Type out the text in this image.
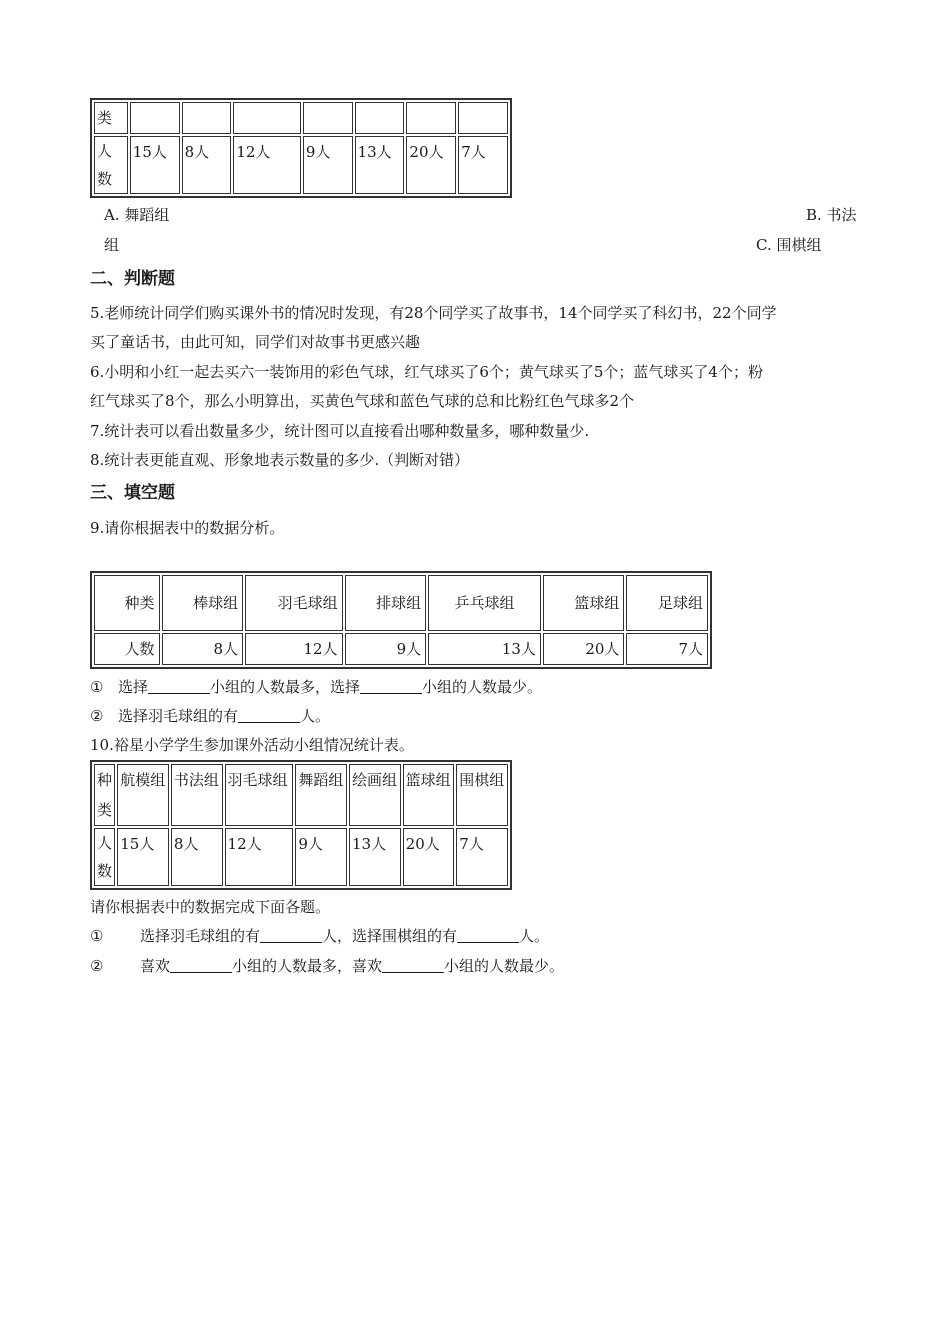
类							
人数	15人	8人	12人	9人	13人	20人	7人
A. 舞蹈组	B. 书法
组	C. 围棋组
二、判断题
5.老师统计同学们购买课外书的情况时发现，有28个同学买了故事书，14个同学买了科幻书，22个同学
买了童话书，由此可知，同学们对故事书更感兴趣
6.小明和小红一起去买六一装饰用的彩色气球，红气球买了6个；黄气球买了5个；蓝气球买了4个；粉
红气球买了8个，那么小明算出，买黄色气球和蓝色气球的总和比粉红色气球多2个
7.统计表可以看出数量多少，统计图可以直接看出哪种数量多，哪种数量少.
8.统计表更能直观、形象地表示数量的多少.（判断对错）
三、填空题
9.请你根据表中的数据分析。
种类	棒球组	羽毛球组	排球组	乒乓球组	篮球组	足球组
人数	8人	12人	9人	13人	20人	7人
① 选择	小组的人数最多，选择	小组的人数最少。
② 选择羽毛球组的有	人。
10.裕星小学学生参加课外活动小组情况统计表。
种类	航模组	书法组	羽毛球组	舞蹈组	绘画组	篮球组	围棋组
人数	15人	8人	12人	9人	13人	20人	7人
请你根据表中的数据完成下面各题。
① 选择羽毛球组的有	人，选择围棋组的有	人。
② 喜欢	小组的人数最多，喜欢	小组的人数最少。
